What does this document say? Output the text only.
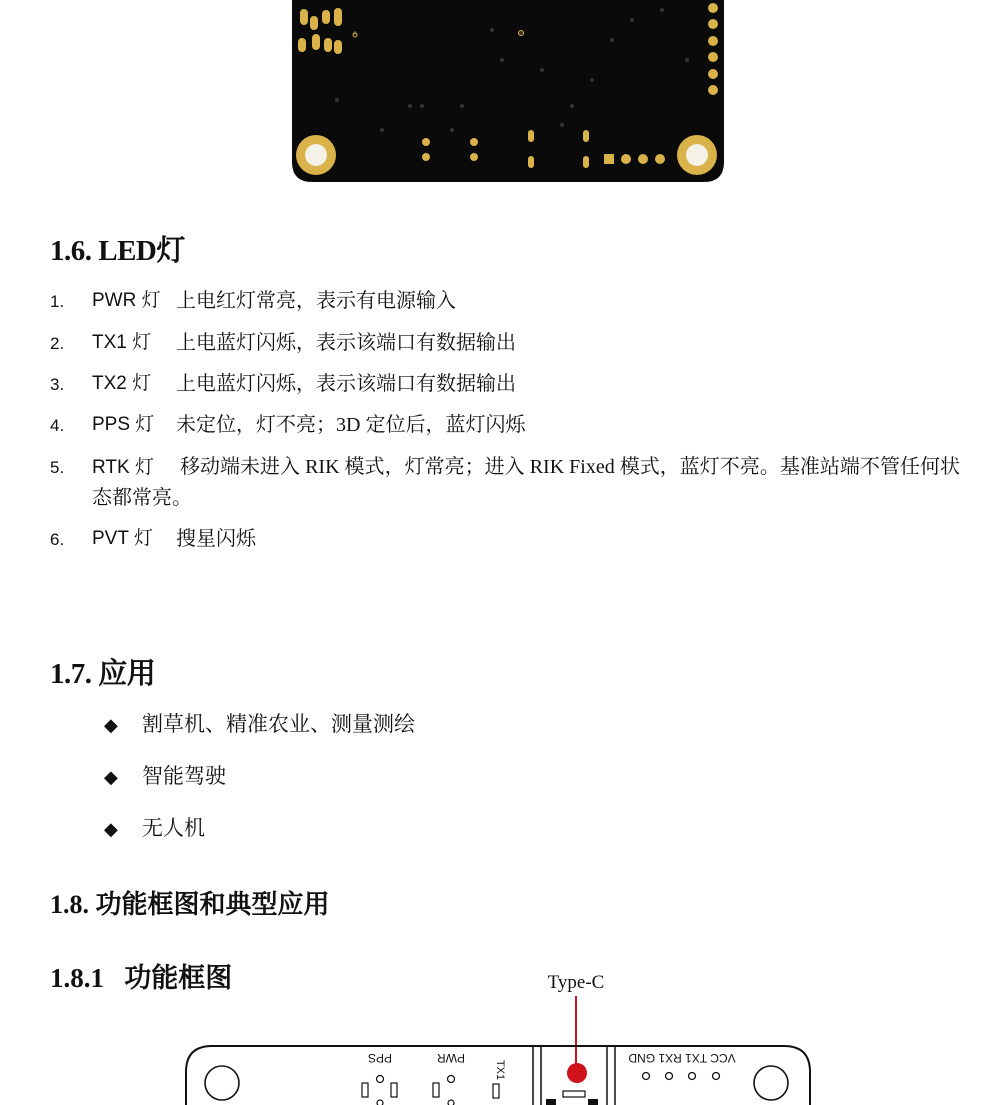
1.6. LED灯
1. PWR 灯 上电红灯常亮，表示有电源输入
2. TX1 灯 上电蓝灯闪烁，表示该端口有数据输出
3. TX2 灯 上电蓝灯闪烁，表示该端口有数据输出
4. PPS 灯 未定位，灯不亮；3D 定位后，蓝灯闪烁
5. RTK 灯 移动端未进入 RIK 模式，灯常亮；进入 RIK Fixed 模式，蓝灯不亮。基准站端不管任何状态都常亮。
6. PVT 灯 搜星闪烁
1.7. 应用
◆ 割草机、精准农业、测量测绘
◆ 智能驾驶
◆ 无人机
1.8. 功能框图和典型应用
1.8.1   功能框图	Type-C
PPS	PWR
TX1
VCC TX1 RX1 GND
